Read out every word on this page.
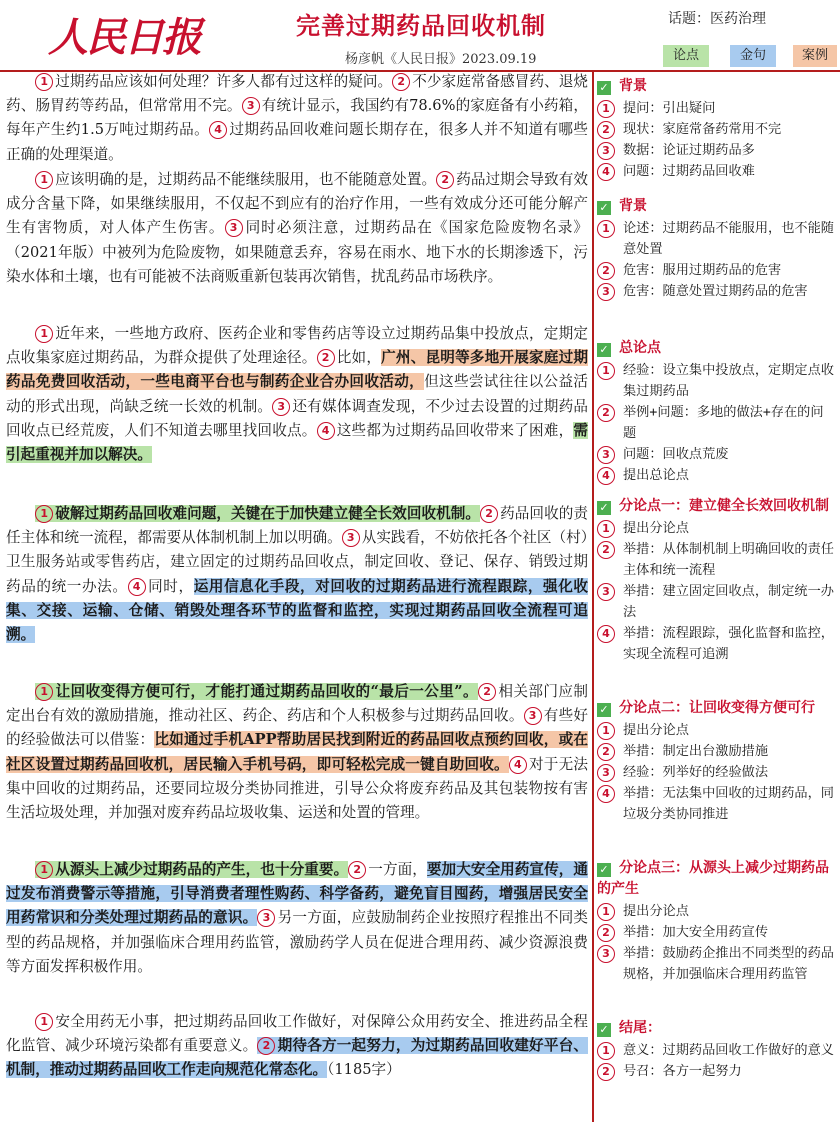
人民日报	完善过期药品回收机制
杨彦帆《人民日报》2023.09.19
话题：医药治理
论点	金句	案例

1 过期药品应该如何处理？许多人都有过这样的疑问。 2 不少家庭常备感冒药、退烧药、肠胃药等药品，但常常用不完。 3 有统计显示，我国约有78.6%的家庭备有小药箱，每年产生约1.5万吨过期药品。 4 过期药品回收难问题长期存在，很多人并不知道有哪些正确的处理渠道。

1 应该明确的是，过期药品不能继续服用，也不能随意处置。 2 药品过期会导致有效成分含量下降，如果继续服用，不仅起不到应有的治疗作用，一些有效成分还可能分解产生有害物质，对人体产生伤害。 3 同时必须注意，过期药品在《国家危险废物名录》（2021年版）中被列为危险废物，如果随意丢弃，容易在雨水、地下水的长期渗透下，污染水体和土壤，也有可能被不法商贩重新包装再次销售，扰乱药品市场秩序。

1 近年来，一些地方政府、医药企业和零售药店等设立过期药品集中投放点，定期定点收集家庭过期药品，为群众提供了处理途径。 2 比如，广州、昆明等多地开展家庭过期药品免费回收活动，一些电商平台也与制药企业合办回收活动，但这些尝试往往以公益活动的形式出现，尚缺乏统一长效的机制。 3 还有媒体调查发现，不少过去设置的过期药品回收点已经荒废，人们不知道去哪里找回收点。 4 这些都为过期药品回收带来了困难，需引起重视并加以解决。

1 破解过期药品回收难问题，关键在于加快建立健全长效回收机制。 2 药品回收的责任主体和统一流程，都需要从体制机制上加以明确。 3 从实践看，不妨依托各个社区（村）卫生服务站或零售药店，建立固定的过期药品回收点，制定回收、登记、保存、销毁过期药品的统一办法。 4 同时，运用信息化手段，对回收的过期药品进行流程跟踪，强化收集、交接、运输、仓储、销毁处理各环节的监督和监控，实现过期药品回收全流程可追溯。

1 让回收变得方便可行，才能打通过期药品回收的“最后一公里”。 2 相关部门应制定出台有效的激励措施，推动社区、药企、药店和个人积极参与过期药品回收。 3 有些好的经验做法可以借鉴：比如通过手机APP帮助居民找到附近的药品回收点预约回收，或在社区设置过期药品回收机，居民输入手机号码，即可轻松完成一键自助回收。 4 对于无法集中回收的过期药品，还要同垃圾分类协同推进，引导公众将废弃药品及其包装物按有害生活垃圾处理，并加强对废弃药品垃圾收集、运送和处置的管理。

1 从源头上减少过期药品的产生，也十分重要。 2 一方面，要加大安全用药宣传，通过发布消费警示等措施，引导消费者理性购药、科学备药，避免盲目囤药，增强居民安全用药常识和分类处理过期药品的意识。 3 另一方面，应鼓励制药企业按照疗程推出不同类型的药品规格，并加强临床合理用药监管，激励药学人员在促进合理用药、减少资源浪费等方面发挥积极作用。

1 安全用药无小事，把过期药品回收工作做好，对保障公众用药安全、推进药品全程化监管、减少环境污染都有重要意义。 2 期待各方一起努力，为过期药品回收建好平台、机制，推动过期药品回收工作走向规范化常态化。（1185字）

✓ 背景
1 提问：引出疑问
2 现状：家庭常备药常用不完
3 数据：论证过期药品多
4 问题：过期药品回收难
✓ 背景
1 论述：过期药品不能服用，也不能随意处置
2 危害：服用过期药品的危害
3 危害：随意处置过期药品的危害
✓ 总论点
1 经验：设立集中投放点，定期定点收集过期药品
2 举例+问题：多地的做法+存在的问题
3 问题：回收点荒废
4 提出总论点
✓ 分论点一：建立健全长效回收机制
1 提出分论点
2 举措：从体制机制上明确回收的责任主体和统一流程
3 举措：建立固定回收点，制定统一办法
4 举措：流程跟踪，强化监督和监控，实现全流程可追溯
✓ 分论点二：让回收变得方便可行
1 提出分论点
2 举措：制定出台激励措施
3 经验：列举好的经验做法
4 举措：无法集中回收的过期药品，同垃圾分类协同推进
✓ 分论点三：从源头上减少过期药品的产生
1 提出分论点
2 举措：加大安全用药宣传
3 举措：鼓励药企推出不同类型的药品规格，并加强临床合理用药监管
✓ 结尾：
1 意义：过期药品回收工作做好的意义
2 号召：各方一起努力
